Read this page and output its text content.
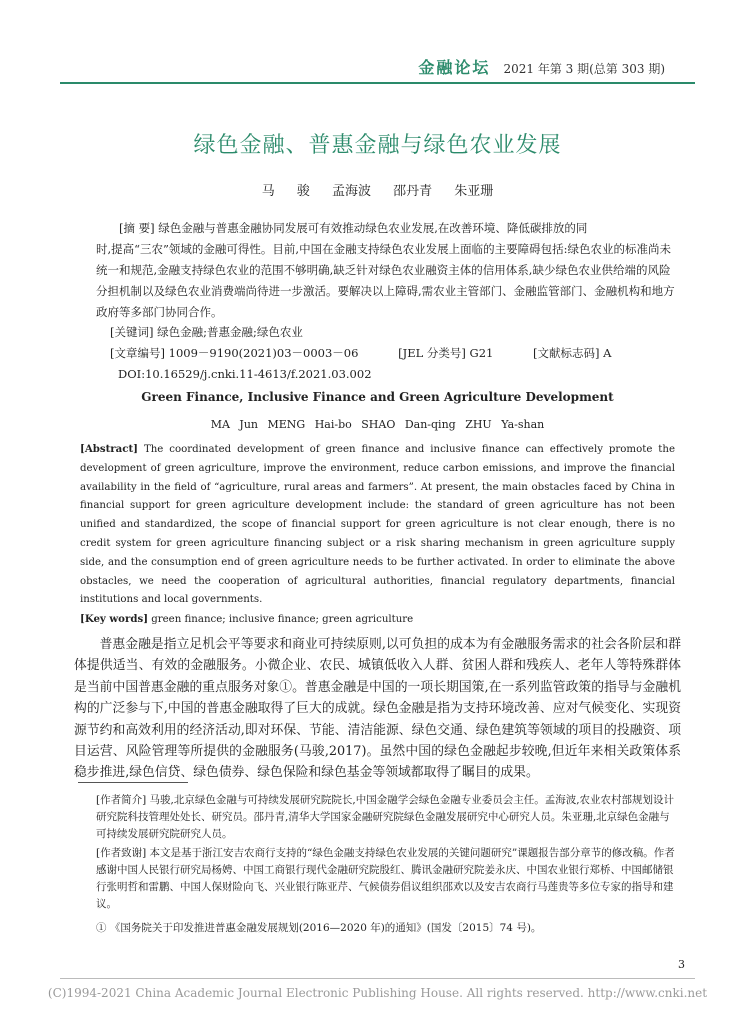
金融论坛 2021 年第 3 期(总第 303 期)
绿色金融、普惠金融与绿色农业发展
马 骏 孟海波 邵丹青 朱亚珊

[摘 要] 绿色金融与普惠金融协同发展可有效推动绿色农业发展,在改善环境、降低碳排放的同

时,提高“三农”领域的金融可得性。目前,中国在金融支持绿色农业发展上面临的主要障碍包括:绿色农业的标准尚未统一和规范,金融支持绿色农业的范围不够明确,缺乏针对绿色农业融资主体的信用体系,缺少绿色农业供给端的风险分担机制以及绿色农业消费端尚待进一步激活。要解决以上障碍,需农业主管部门、金融监管部门、金融机构和地方政府等多部门协同合作。

[关键词] 绿色金融;普惠金融;绿色农业
[文章编号] 1009－9190(2021)03－0003－06	[JEL 分类号] G21	[文献标志码] A
DOI:10.16529/j.cnki.11-4613/f.2021.03.002
Green Finance, Inclusive Finance and Green Agriculture Development
MA Jun MENG Hai-bo SHAO Dan-qing ZHU Ya-shan

[Abstract] The coordinated development of green finance and inclusive finance can effectively promote the development of green agriculture, improve the environment, reduce carbon emissions, and improve the financial availability in the field of “agriculture, rural areas and farmers”. At present, the main obstacles faced by China in financial support for green agriculture development include: the standard of green agriculture has not been unified and standardized, the scope of financial support for green agriculture is not clear enough, there is no credit system for green agriculture financing subject or a risk sharing mechanism in green agriculture supply side, and the consumption end of green agriculture needs to be further activated. In order to eliminate the above obstacles, we need the cooperation of agricultural authorities, financial regulatory departments, financial institutions and local governments.

[Key words] green finance; inclusive finance; green agriculture

普惠金融是指立足机会平等要求和商业可持续原则,以可负担的成本为有金融服务需求的社会各阶层和群体提供适当、有效的金融服务。小微企业、农民、城镇低收入人群、贫困人群和残疾人、老年人等特殊群体是当前中国普惠金融的重点服务对象①。普惠金融是中国的一项长期国策,在一系列监管政策的指导与金融机构的广泛参与下,中国的普惠金融取得了巨大的成就。绿色金融是指为支持环境改善、应对气候变化、实现资源节约和高效利用的经济活动,即对环保、节能、清洁能源、绿色交通、绿色建筑等领域的项目的投融资、项目运营、风险管理等所提供的金融服务(马骏,2017)。虽然中国的绿色金融起步较晚,但近年来相关政策体系稳步推进,绿色信贷、绿色债券、绿色保险和绿色基金等领域都取得了瞩目的成果。

[作者简介] 马骏,北京绿色金融与可持续发展研究院院长,中国金融学会绿色金融专业委员会主任。孟海波,农业农村部规划设计研究院科技管理处处长、研究员。邵丹青,清华大学国家金融研究院绿色金融发展研究中心研究人员。朱亚珊,北京绿色金融与可持续发展研究院研究人员。

[作者致谢] 本文是基于浙江安吉农商行支持的“绿色金融支持绿色农业发展的关键问题研究”课题报告部分章节的修改稿。作者感谢中国人民银行研究局杨娉、中国工商银行现代金融研究院殷红、腾讯金融研究院姜永庆、中国农业银行郑桥、中国邮储银行张明哲和雷鹏、中国人保财险向飞、兴业银行陈亚芹、气候债券倡议组织邵欢以及安吉农商行马莲贵等多位专家的指导和建议。

① 《国务院关于印发推进普惠金融发展规划(2016—2020 年)的通知》(国发〔2015〕74 号)。
3
(C)1994-2021 China Academic Journal Electronic Publishing House. All rights reserved. http://www.cnki.net
